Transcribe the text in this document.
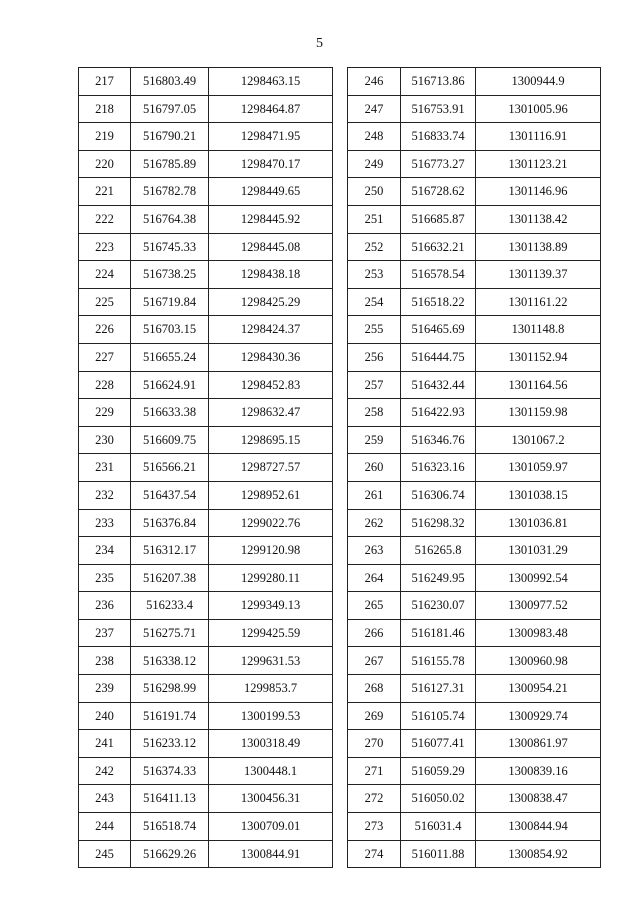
5
217	516803.49	1298463.15
218	516797.05	1298464.87
219	516790.21	1298471.95
220	516785.89	1298470.17
221	516782.78	1298449.65
222	516764.38	1298445.92
223	516745.33	1298445.08
224	516738.25	1298438.18
225	516719.84	1298425.29
226	516703.15	1298424.37
227	516655.24	1298430.36
228	516624.91	1298452.83
229	516633.38	1298632.47
230	516609.75	1298695.15
231	516566.21	1298727.57
232	516437.54	1298952.61
233	516376.84	1299022.76
234	516312.17	1299120.98
235	516207.38	1299280.11
236	516233.4	1299349.13
237	516275.71	1299425.59
238	516338.12	1299631.53
239	516298.99	1299853.7
240	516191.74	1300199.53
241	516233.12	1300318.49
242	516374.33	1300448.1
243	516411.13	1300456.31
244	516518.74	1300709.01
245	516629.26	1300844.91
246	516713.86	1300944.9
247	516753.91	1301005.96
248	516833.74	1301116.91
249	516773.27	1301123.21
250	516728.62	1301146.96
251	516685.87	1301138.42
252	516632.21	1301138.89
253	516578.54	1301139.37
254	516518.22	1301161.22
255	516465.69	1301148.8
256	516444.75	1301152.94
257	516432.44	1301164.56
258	516422.93	1301159.98
259	516346.76	1301067.2
260	516323.16	1301059.97
261	516306.74	1301038.15
262	516298.32	1301036.81
263	516265.8	1301031.29
264	516249.95	1300992.54
265	516230.07	1300977.52
266	516181.46	1300983.48
267	516155.78	1300960.98
268	516127.31	1300954.21
269	516105.74	1300929.74
270	516077.41	1300861.97
271	516059.29	1300839.16
272	516050.02	1300838.47
273	516031.4	1300844.94
274	516011.88	1300854.92
